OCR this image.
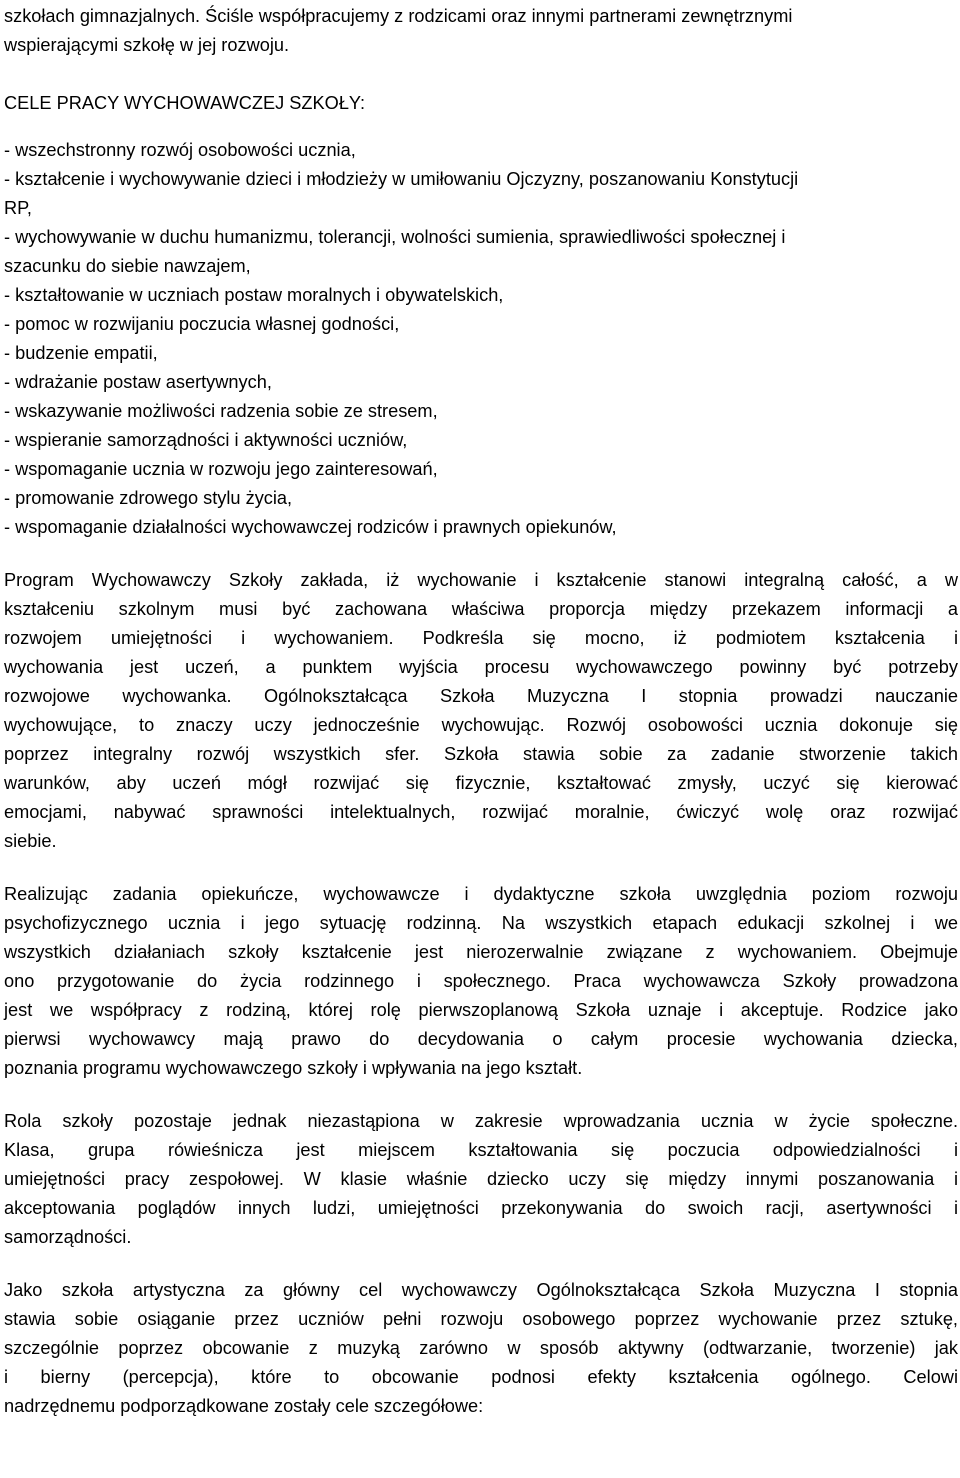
szkołach gimnazjalnych. Ściśle współpracujemy z rodzicami oraz innymi partnerami zewnętrznymi
wspierającymi szkołę w jej rozwoju.
CELE PRACY WYCHOWAWCZEJ SZKOŁY:
- wszechstronny rozwój osobowości ucznia,
- kształcenie i wychowywanie dzieci i młodzieży w umiłowaniu Ojczyzny, poszanowaniu Konstytucji
RP,
- wychowywanie w duchu humanizmu, tolerancji, wolności sumienia, sprawiedliwości społecznej i
szacunku do siebie nawzajem,
- kształtowanie w uczniach postaw moralnych i obywatelskich,
- pomoc w rozwijaniu poczucia własnej godności,
- budzenie empatii,
- wdrażanie postaw asertywnych,
- wskazywanie możliwości radzenia sobie ze stresem,
- wspieranie samorządności i aktywności uczniów,
- wspomaganie ucznia w rozwoju jego zainteresowań,
- promowanie zdrowego stylu życia,
- wspomaganie działalności wychowawczej rodziców i prawnych opiekunów,
Program Wychowawczy Szkoły zakłada, iż wychowanie i kształcenie stanowi integralną całość, a w
kształceniu szkolnym musi być zachowana właściwa proporcja między przekazem informacji a
rozwojem umiejętności i wychowaniem. Podkreśla się mocno, iż podmiotem kształcenia i
wychowania jest uczeń, a punktem wyjścia procesu wychowawczego powinny być potrzeby
rozwojowe wychowanka. Ogólnokształcąca Szkoła Muzyczna I stopnia prowadzi nauczanie
wychowujące, to znaczy uczy jednocześnie wychowując. Rozwój osobowości ucznia dokonuje się
poprzez integralny rozwój wszystkich sfer. Szkoła stawia sobie za zadanie stworzenie takich
warunków, aby uczeń mógł rozwijać się fizycznie, kształtować zmysły, uczyć się kierować
emocjami, nabywać sprawności intelektualnych, rozwijać moralnie, ćwiczyć wolę oraz rozwijać
siebie.
Realizując zadania opiekuńcze, wychowawcze i dydaktyczne szkoła uwzględnia poziom rozwoju
psychofizycznego ucznia i jego sytuację rodzinną. Na wszystkich etapach edukacji szkolnej i we
wszystkich działaniach szkoły kształcenie jest nierozerwalnie związane z wychowaniem. Obejmuje
ono przygotowanie do życia rodzinnego i społecznego. Praca wychowawcza Szkoły prowadzona
jest we współpracy z rodziną, której rolę pierwszoplanową Szkoła uznaje i akceptuje. Rodzice jako
pierwsi wychowawcy mają prawo do decydowania o całym procesie wychowania dziecka,
poznania programu wychowawczego szkoły i wpływania na jego kształt.
Rola szkoły pozostaje jednak niezastąpiona w zakresie wprowadzania ucznia w życie społeczne.
Klasa, grupa rówieśnicza jest miejscem kształtowania się poczucia odpowiedzialności i
umiejętności pracy zespołowej. W klasie właśnie dziecko uczy się między innymi poszanowania i
akceptowania poglądów innych ludzi, umiejętności przekonywania do swoich racji, asertywności i
samorządności.
Jako szkoła artystyczna za główny cel wychowawczy Ogólnokształcąca Szkoła Muzyczna I stopnia
stawia sobie osiąganie przez uczniów pełni rozwoju osobowego poprzez wychowanie przez sztukę,
szczególnie poprzez obcowanie z muzyką zarówno w sposób aktywny (odtwarzanie, tworzenie) jak
i bierny (percepcja), które to obcowanie podnosi efekty kształcenia ogólnego. Celowi
nadrzędnemu podporządkowane zostały cele szczegółowe:
